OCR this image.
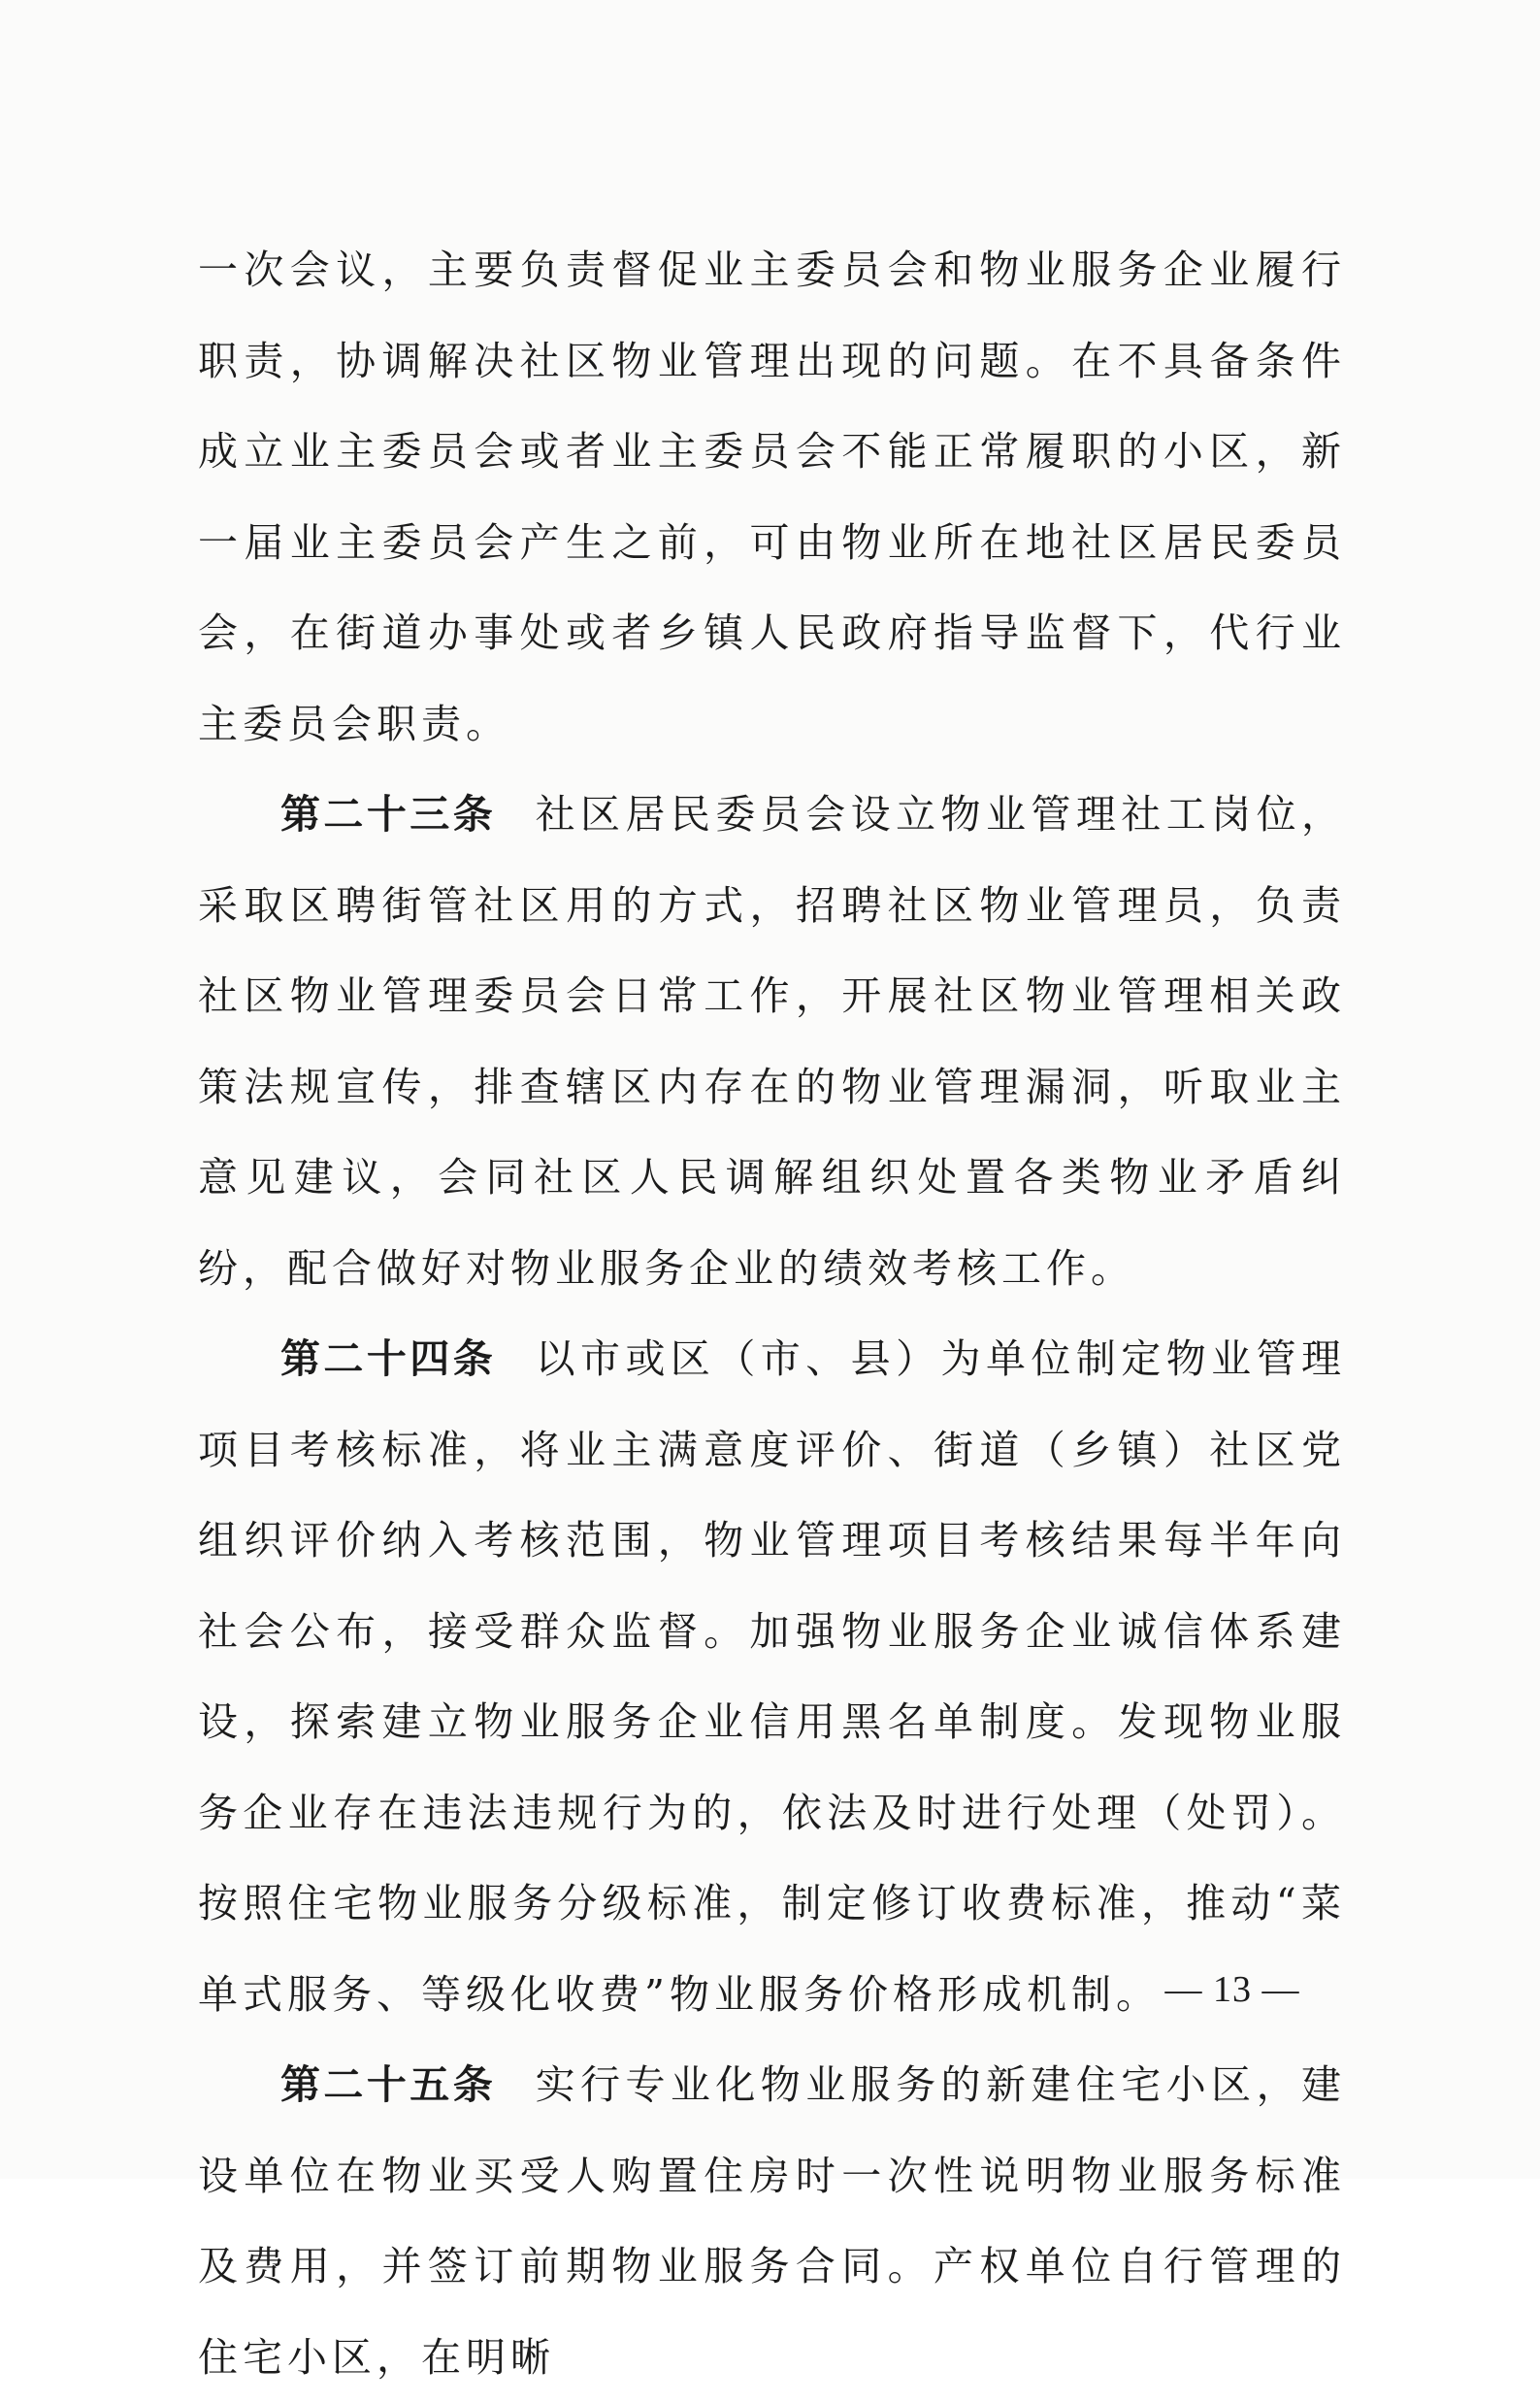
一次会议，主要负责督促业主委员会和物业服务企业履行职责，协调解决社区物业管理出现的问题。在不具备条件成立业主委员会或者业主委员会不能正常履职的小区，新一届业主委员会产生之前，可由物业所在地社区居民委员会，在街道办事处或者乡镇人民政府指导监督下，代行业主委员会职责。

第二十三条 社区居民委员会设立物业管理社工岗位，采取区聘街管社区用的方式，招聘社区物业管理员，负责社区物业管理委员会日常工作，开展社区物业管理相关政策法规宣传，排查辖区内存在的物业管理漏洞，听取业主意见建议，会同社区人民调解组织处置各类物业矛盾纠纷，配合做好对物业服务企业的绩效考核工作。

第二十四条 以市或区（市、县）为单位制定物业管理项目考核标准，将业主满意度评价、街道（乡镇）社区党组织评价纳入考核范围，物业管理项目考核结果每半年向社会公布，接受群众监督。加强物业服务企业诚信体系建设，探索建立物业服务企业信用黑名单制度。发现物业服务企业存在违法违规行为的，依法及时进行处理（处罚）。按照住宅物业服务分级标准，制定修订收费标准，推动“菜单式服务、等级化收费”物业服务价格形成机制。

第二十五条 实行专业化物业服务的新建住宅小区，建设单位在物业买受人购置住房时一次性说明物业服务标准及费用，并签订前期物业服务合同。产权单位自行管理的住宅小区，在明晰

— 13 —
